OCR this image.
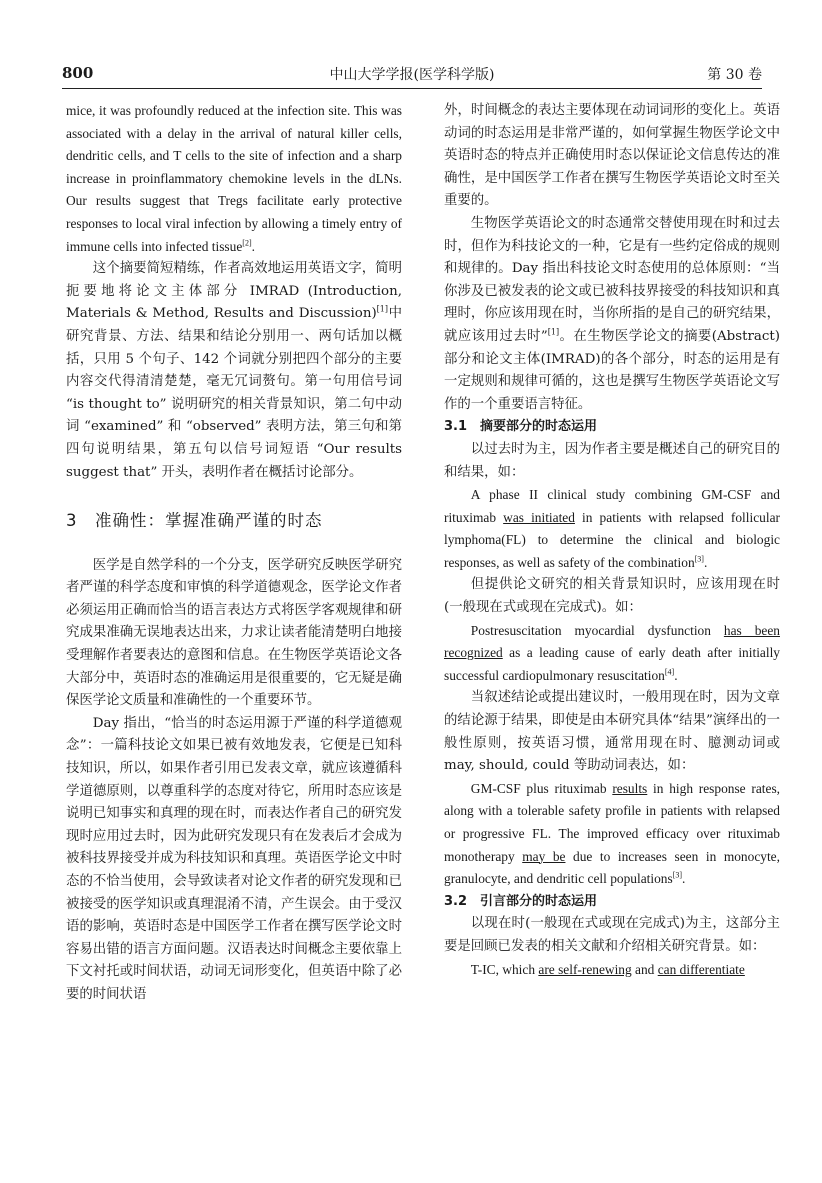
800	中山大学学报(医学科学版)	第 30 卷

mice, it was profoundly reduced at the infection site. This was associated with a delay in the arrival of natural killer cells, dendritic cells, and T cells to the site of infection and a sharp increase in proinflammatory chemokine levels in the dLNs. Our results suggest that Tregs facilitate early protective responses to local viral infection by allowing a timely entry of immune cells into infected tissue[2].

这个摘要简短精练，作者高效地运用英语文字，简明扼要地将论文主体部分 IMRAD (Introduction, Materials & Method, Results and Discussion)[1]中研究背景、方法、结果和结论分别用一、两句话加以概括，只用 5 个句子、142 个词就分别把四个部分的主要内容交代得清清楚楚，毫无冗词赘句。第一句用信号词 “is thought to” 说明研究的相关背景知识，第二句中动词 “examined” 和 “observed” 表明方法，第三句和第四句说明结果，第五句以信号词短语 “Our results suggest that” 开头，表明作者在概括讨论部分。

3　准确性：掌握准确严谨的时态

医学是自然学科的一个分支，医学研究反映医学研究者严谨的科学态度和审慎的科学道德观念，医学论文作者必须运用正确而恰当的语言表达方式将医学客观规律和研究成果准确无误地表达出来，力求让读者能清楚明白地接受理解作者要表达的意图和信息。在生物医学英语论文各大部分中，英语时态的准确运用是很重要的，它无疑是确保医学论文质量和准确性的一个重要环节。

Day 指出，“恰当的时态运用源于严谨的科学道德观念”：一篇科技论文如果已被有效地发表，它便是已知科技知识，所以，如果作者引用已发表文章，就应该遵循科学道德原则，以尊重科学的态度对待它，所用时态应该是说明已知事实和真理的现在时，而表达作者自己的研究发现时应用过去时，因为此研究发现只有在发表后才会成为被科技界接受并成为科技知识和真理。英语医学论文中时态的不恰当使用，会导致读者对论文作者的研究发现和已被接受的医学知识或真理混淆不清，产生误会。由于受汉语的影响，英语时态是中国医学工作者在撰写医学论文时容易出错的语言方面问题。汉语表达时间概念主要依靠上下文衬托或时间状语，动词无词形变化，但英语中除了必要的时间状语

外，时间概念的表达主要体现在动词词形的变化上。英语动词的时态运用是非常严谨的，如何掌握生物医学论文中英语时态的特点并正确使用时态以保证论文信息传达的准确性，是中国医学工作者在撰写生物医学英语论文时至关重要的。

生物医学英语论文的时态通常交替使用现在时和过去时，但作为科技论文的一种，它是有一些约定俗成的规则和规律的。Day 指出科技论文时态使用的总体原则：“当你涉及已被发表的论文或已被科技界接受的科技知识和真理时，你应该用现在时，当你所指的是自己的研究结果，就应该用过去时”[1]。在生物医学论文的摘要(Abstract)部分和论文主体(IMRAD)的各个部分，时态的运用是有一定规则和规律可循的，这也是撰写生物医学英语论文写作的一个重要语言特征。

3.1　摘要部分的时态运用

以过去时为主，因为作者主要是概述自己的研究目的和结果，如：

A phase II clinical study combining GM-CSF and rituximab was initiated in patients with relapsed follicular lymphoma(FL) to determine the clinical and biologic responses, as well as safety of the combination[3].

但提供论文研究的相关背景知识时，应该用现在时(一般现在式或现在完成式)。如：

Postresuscitation myocardial dysfunction has been recognized as a leading cause of early death after initially successful cardiopulmonary resuscitation[4].

当叙述结论或提出建议时，一般用现在时，因为文章的结论源于结果，即使是由本研究具体“结果”演绎出的一般性原则，按英语习惯，通常用现在时、臆测动词或 may, should, could 等助动词表达，如：

GM-CSF plus rituximab results in high response rates, along with a tolerable safety profile in patients with relapsed or progressive FL. The improved efficacy over rituximab monotherapy may be due to increases seen in monocyte, granulocyte, and dendritic cell populations[3].

3.2　引言部分的时态运用

以现在时(一般现在式或现在完成式)为主，这部分主要是回顾已发表的相关文献和介绍相关研究背景。如：

T-IC, which are self-renewing and can differentiate
